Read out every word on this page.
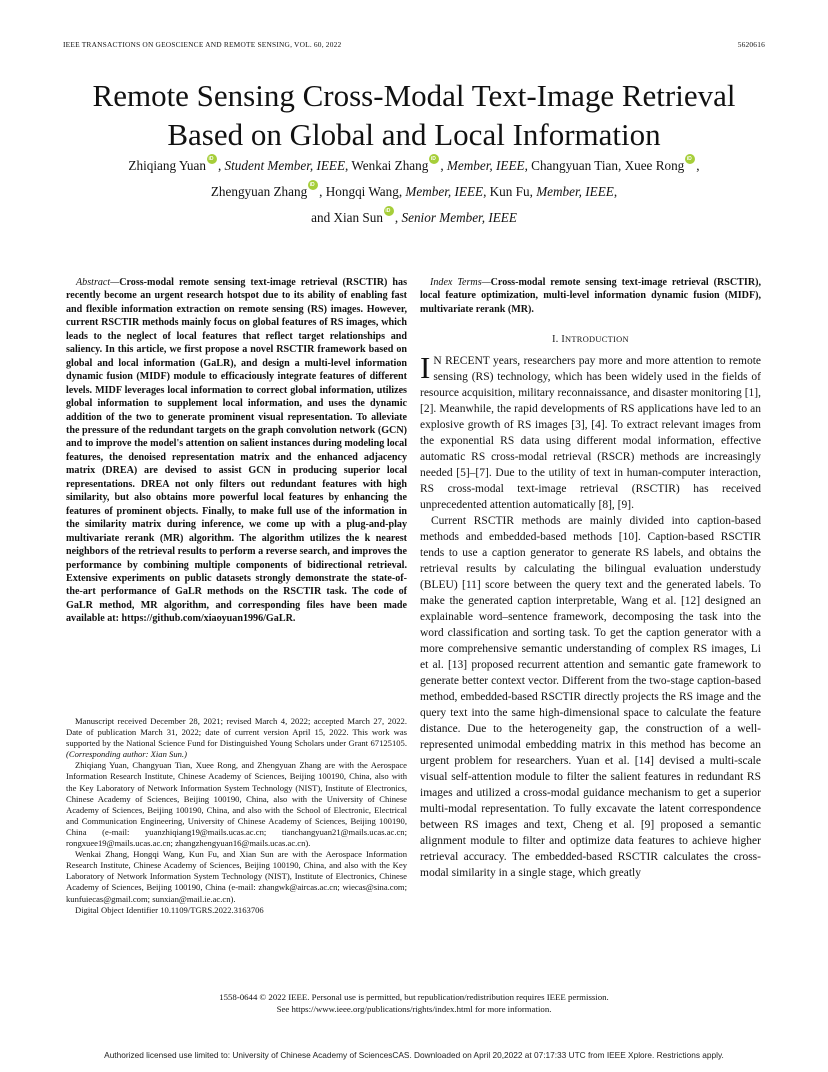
IEEE TRANSACTIONS ON GEOSCIENCE AND REMOTE SENSING, VOL. 60, 2022	5620616
Remote Sensing Cross-Modal Text-Image Retrieval
Based on Global and Local Information
Zhiqiang Yuan iD , Student Member, IEEE, Wenkai Zhang iD , Member, IEEE, Changyuan Tian, Xuee Rong iD ,
Zhengyuan Zhang iD , Hongqi Wang, Member, IEEE, Kun Fu, Member, IEEE,
and Xian Sun iD , Senior Member, IEEE

Abstract—Cross-modal remote sensing text-image retrieval (RSCTIR) has recently become an urgent research hotspot due to its ability of enabling fast and flexible information extraction on remote sensing (RS) images. However, current RSCTIR methods mainly focus on global features of RS images, which leads to the neglect of local features that reflect target relationships and saliency. In this article, we first propose a novel RSCTIR framework based on global and local information (GaLR), and design a multi-level information dynamic fusion (MIDF) module to efficaciously integrate features of different levels. MIDF leverages local information to correct global information, utilizes global information to supplement local information, and uses the dynamic addition of the two to generate prominent visual representation. To alleviate the pressure of the redundant targets on the graph convolution network (GCN) and to improve the model's attention on salient instances during modeling local features, the denoised representation matrix and the enhanced adjacency matrix (DREA) are devised to assist GCN in producing superior local representations. DREA not only filters out redundant features with high similarity, but also obtains more powerful local features by enhancing the features of prominent objects. Finally, to make full use of the information in the similarity matrix during inference, we come up with a plug-and-play multivariate rerank (MR) algorithm. The algorithm utilizes the k nearest neighbors of the retrieval results to perform a reverse search, and improves the performance by combining multiple components of bidirectional retrieval. Extensive experiments on public datasets strongly demonstrate the state-of-the-art performance of GaLR methods on the RSCTIR task. The code of GaLR method, MR algorithm, and corresponding files have been made available at: https://github.com/xiaoyuan1996/GaLR.

Manuscript received December 28, 2021; revised March 4, 2022; accepted March 27, 2022. Date of publication March 31, 2022; date of current version April 15, 2022. This work was supported by the National Science Fund for Distinguished Young Scholars under Grant 67125105. (Corresponding author: Xian Sun.)

Zhiqiang Yuan, Changyuan Tian, Xuee Rong, and Zhengyuan Zhang are with the Aerospace Information Research Institute, Chinese Academy of Sciences, Beijing 100190, China, also with the Key Laboratory of Network Information System Technology (NIST), Institute of Electronics, Chinese Academy of Sciences, Beijing 100190, China, also with the University of Chinese Academy of Sciences, Beijing 100190, China, and also with the School of Electronic, Electrical and Communication Engineering, University of Chinese Academy of Sciences, Beijing 100190, China (e-mail: yuanzhiqiang19@mails.ucas.ac.cn; tianchangyuan21@mails.ucas.ac.cn; rongxuee19@mails.ucas.ac.cn; zhangzhengyuan16@mails.ucas.ac.cn).

Wenkai Zhang, Hongqi Wang, Kun Fu, and Xian Sun are with the Aerospace Information Research Institute, Chinese Academy of Sciences, Beijing 100190, China, and also with the Key Laboratory of Network Information System Technology (NIST), Institute of Electronics, Chinese Academy of Sciences, Beijing 100190, China (e-mail: zhangwk@aircas.ac.cn; wiecas@sina.com; kunfuiecas@gmail.com; sunxian@mail.ie.ac.cn).

Digital Object Identifier 10.1109/TGRS.2022.3163706

Index Terms—Cross-modal remote sensing text-image retrieval (RSCTIR), local feature optimization, multi-level information dynamic fusion (MIDF), multivariate rerank (MR).

I. INTRODUCTION

I N RECENT years, researchers pay more and more attention to remote sensing (RS) technology, which has been widely used in the fields of resource acquisition, military reconnaissance, and disaster monitoring [1], [2]. Meanwhile, the rapid developments of RS applications have led to an explosive growth of RS images [3], [4]. To extract relevant images from the exponential RS data using different modal information, effective automatic RS cross-modal retrieval (RSCR) methods are increasingly needed [5]–[7]. Due to the utility of text in human-computer interaction, RS cross-modal text-image retrieval (RSCTIR) has received unprecedented attention automatically [8], [9].

Current RSCTIR methods are mainly divided into caption-based methods and embedded-based methods [10]. Caption-based RSCTIR tends to use a caption generator to generate RS labels, and obtains the retrieval results by calculating the bilingual evaluation understudy (BLEU) [11] score between the query text and the generated labels. To make the generated caption interpretable, Wang et al. [12] designed an explainable word–sentence framework, decomposing the task into the word classification and sorting task. To get the caption generator with a more comprehensive semantic understanding of complex RS images, Li et al. [13] proposed recurrent attention and semantic gate framework to generate better context vector. Different from the two-stage caption-based method, embedded-based RSCTIR directly projects the RS image and the query text into the same high-dimensional space to calculate the feature distance. Due to the heterogeneity gap, the construction of a well-represented unimodal embedding matrix in this method has become an urgent problem for researchers. Yuan et al. [14] devised a multi-scale visual self-attention module to filter the salient features in redundant RS images and utilized a cross-modal guidance mechanism to get a superior multi-modal representation. To fully excavate the latent correspondence between RS images and text, Cheng et al. [9] proposed a semantic alignment module to filter and optimize data features to achieve higher retrieval accuracy. The embedded-based RSCTIR calculates the cross-modal similarity in a single stage, which greatly

1558-0644 © 2022 IEEE. Personal use is permitted, but republication/redistribution requires IEEE permission.
See https://www.ieee.org/publications/rights/index.html for more information.
Authorized licensed use limited to: University of Chinese Academy of SciencesCAS. Downloaded on April 20,2022 at 07:17:33 UTC from IEEE Xplore. Restrictions apply.
